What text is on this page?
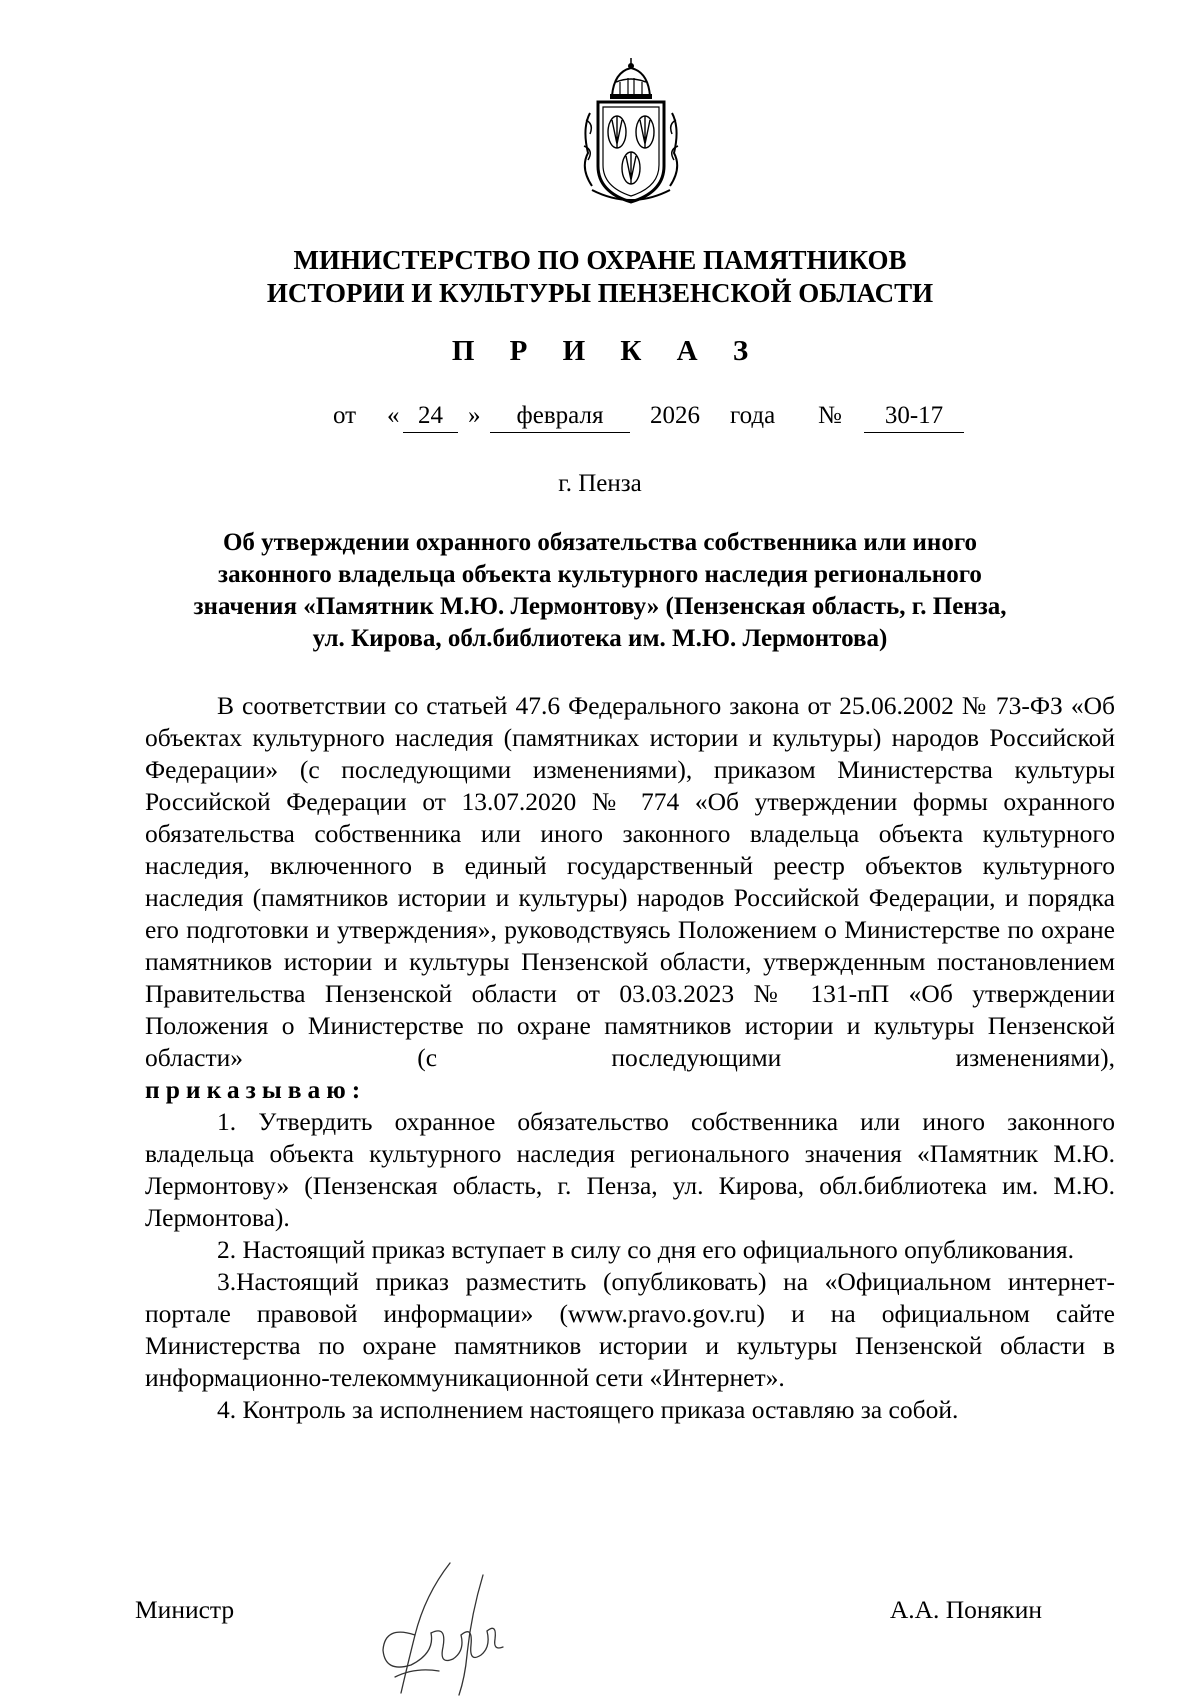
МИНИСТЕРСТВО ПО ОХРАНЕ ПАМЯТНИКОВ
ИСТОРИИ И КУЛЬТУРЫ ПЕНЗЕНСКОЙ ОБЛАСТИ
П Р И К А З
от « 24	»	февраля	2026 года №	30-17
г. Пенза
Об утверждении охранного обязательства собственника или иного
законного владельца объекта культурного наследия регионального
значения «Памятник М.Ю. Лермонтову» (Пензенская область, г. Пенза,
ул. Кирова, обл.библиотека им. М.Ю. Лермонтова)

В соответствии со статьей 47.6 Федерального закона от 25.06.2002 № 73-ФЗ «Об объектах культурного наследия (памятниках истории и культуры) народов Российской Федерации» (с последующими изменениями), приказом Министерства культуры Российской Федерации от 13.07.2020 № 774 «Об утверждении формы охранного обязательства собственника или иного законного владельца объекта культурного наследия, включенного в единый государственный реестр объектов культурного наследия (памятников истории и культуры) народов Российской Федерации, и порядка его подготовки и утверждения», руководствуясь Положением о Министерстве по охране памятников истории и культуры Пензенской области, утвержденным постановлением Правительства Пензенской области от 03.03.2023 № 131-пП «Об утверждении Положения о Министерстве по охране памятников истории и культуры Пензенской области» (с последующими изменениями),

приказываю:

1. Утвердить охранное обязательство собственника или иного законного владельца объекта культурного наследия регионального значения «Памятник М.Ю. Лермонтову» (Пензенская область, г. Пенза, ул. Кирова, обл.библиотека им. М.Ю. Лермонтова).

2. Настоящий приказ вступает в силу со дня его официального опубликования.

3.Настоящий приказ разместить (опубликовать) на «Официальном интернет-портале правовой информации» (www.pravo.gov.ru) и на официальном сайте Министерства по охране памятников истории и культуры Пензенской области в информационно-телекоммуникационной сети «Интернет».

4. Контроль за исполнением настоящего приказа оставляю за собой.

Министр	А.А. Понякин
